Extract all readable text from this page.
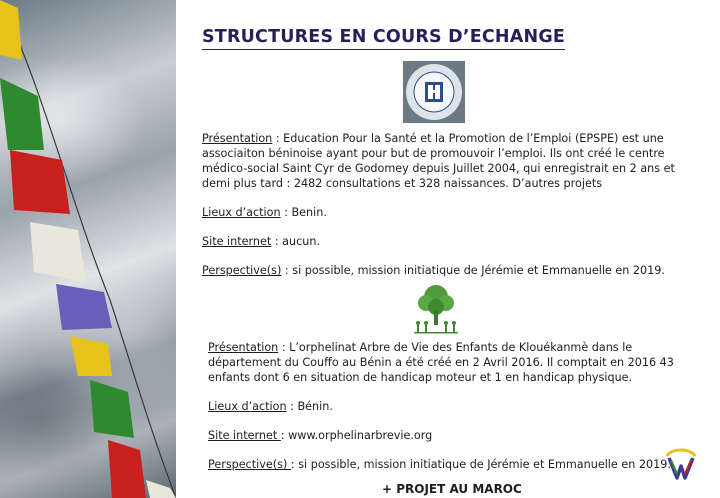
STRUCTURES EN COURS D’ECHANGE

Présentation : Education Pour la Santé et la Promotion de l’Emploi (EPSPE) est une associaiton béninoise ayant pour but de promouvoir l’emploi. Ils ont créé le centre médico-social Saint Cyr de Godomey depuis Juillet 2004, qui enregistrait en 2 ans et demi plus tard : 2482 consultations et 328 naissances. D’autres projets

Lieux d’action : Benin.

Site internet : aucun.

Perspective(s) : si possible, mission initiatique de Jérémie et Emmanuelle en 2019.

Présentation : L’orphelinat Arbre de Vie des Enfants de Klouékanmè dans le département du Couffo au Bénin a été créé en 2 Avril 2016. Il comptait en 2016 43 enfants dont 6 en situation de handicap moteur et 1 en handicap physique.

Lieux d’action : Bénin.

Site internet : www.orphelinarbrevie.org

Perspective(s) : si possible, mission initiatique de Jérémie et Emmanuelle en 2019.

+ PROJET AU MAROC
